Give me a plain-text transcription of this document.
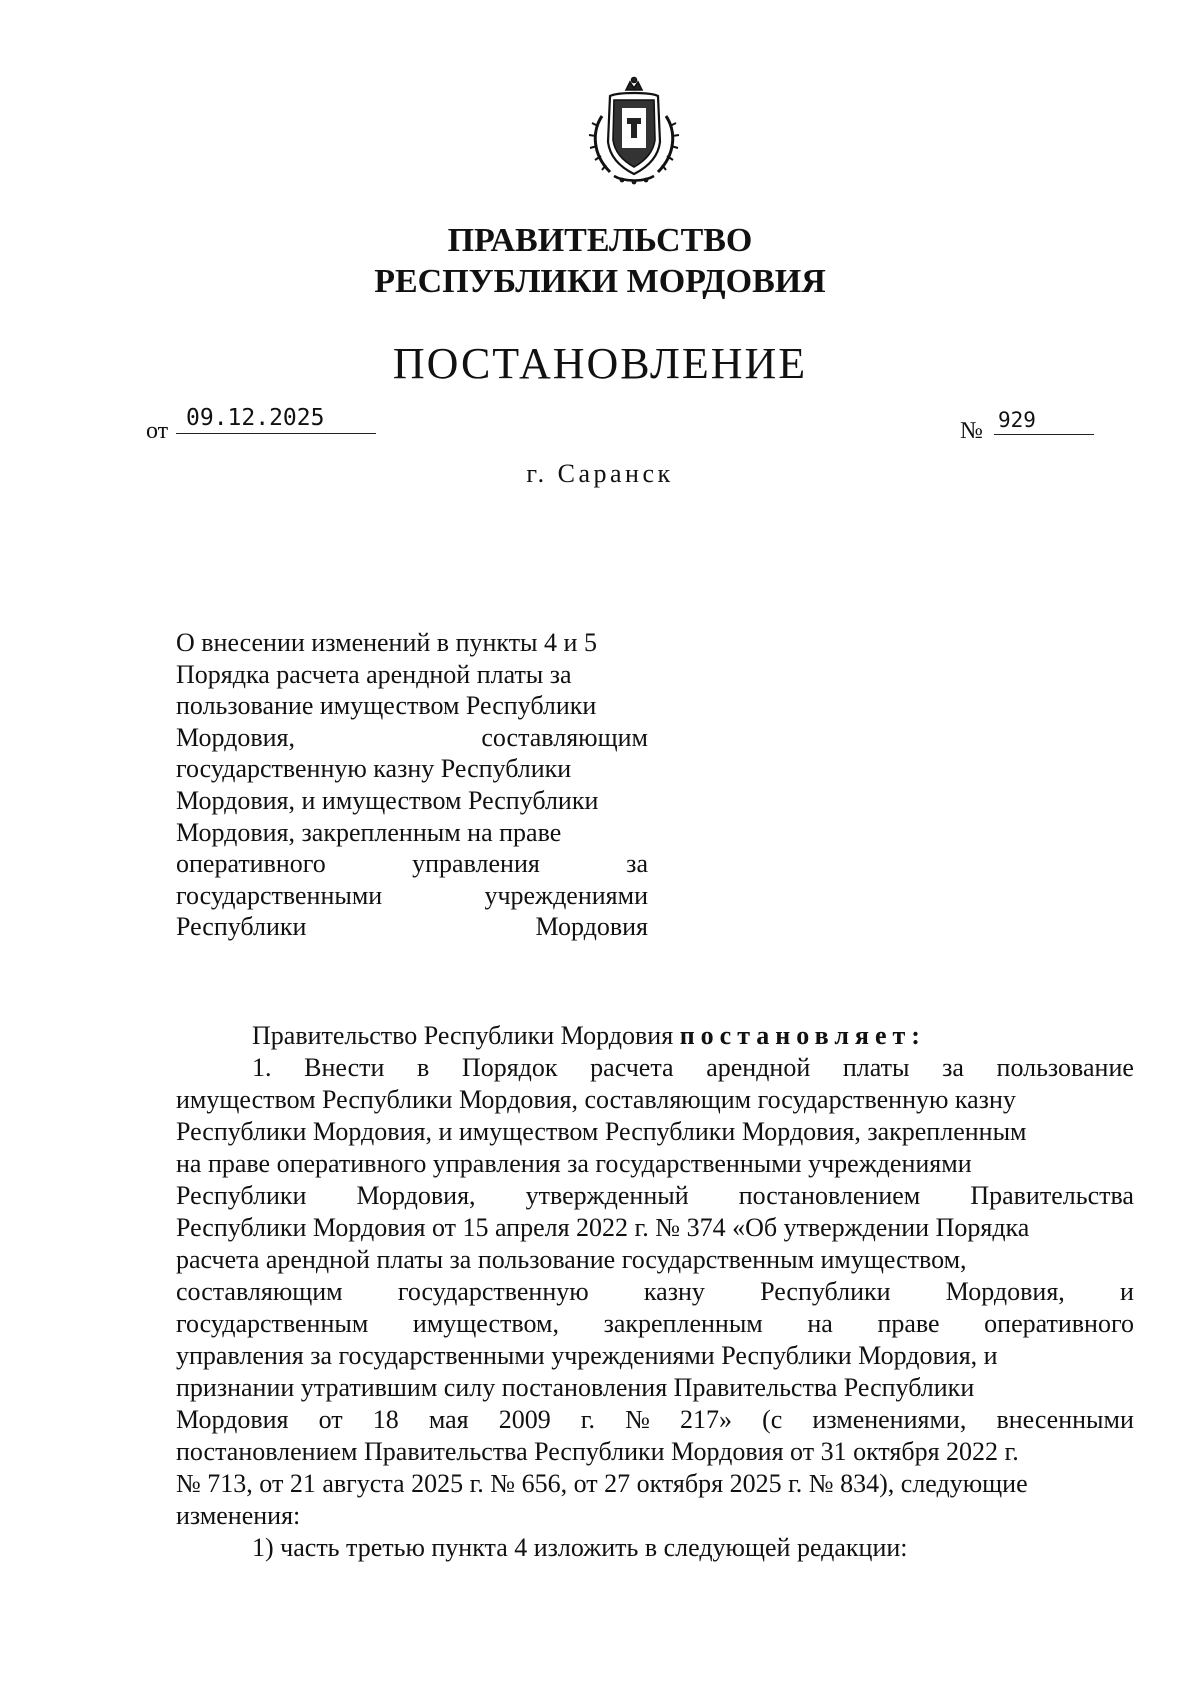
ПРАВИТЕЛЬСТВО
РЕСПУБЛИКИ МОРДОВИЯ
ПОСТАНОВЛЕНИЕ
от 09.12.2025	№ 929
г. Саранск
О внесении изменений в пункты 4 и 5
Порядка расчета арендной платы за
пользование имуществом Республики
Мордовия,	составляющим
государственную казну Республики
Мордовия, и имуществом Республики
Мордовия, закрепленным на праве
оперативного	управления	за
государственными	учреждениями
Республики	Мордовия
Правительство Республики Мордовия постановляет:
1. Внести в Порядок расчета арендной платы за пользование
имуществом Республики Мордовия, составляющим государственную казну
Республики Мордовия, и имуществом Республики Мордовия, закрепленным
на праве оперативного управления за государственными учреждениями
Республики Мордовия, утвержденный постановлением Правительства
Республики Мордовия от 15 апреля 2022 г. № 374 «Об утверждении Порядка
расчета арендной платы за пользование государственным имуществом,
составляющим государственную казну Республики Мордовия, и
государственным имуществом, закрепленным на праве оперативного
управления за государственными учреждениями Республики Мордовия, и
признании утратившим силу постановления Правительства Республики
Мордовия от 18 мая 2009 г. № 217» (с изменениями, внесенными
постановлением Правительства Республики Мордовия от 31 октября 2022 г.
№ 713, от 21 августа 2025 г. № 656, от 27 октября 2025 г. № 834), следующие
изменения:
1) часть третью пункта 4 изложить в следующей редакции:
